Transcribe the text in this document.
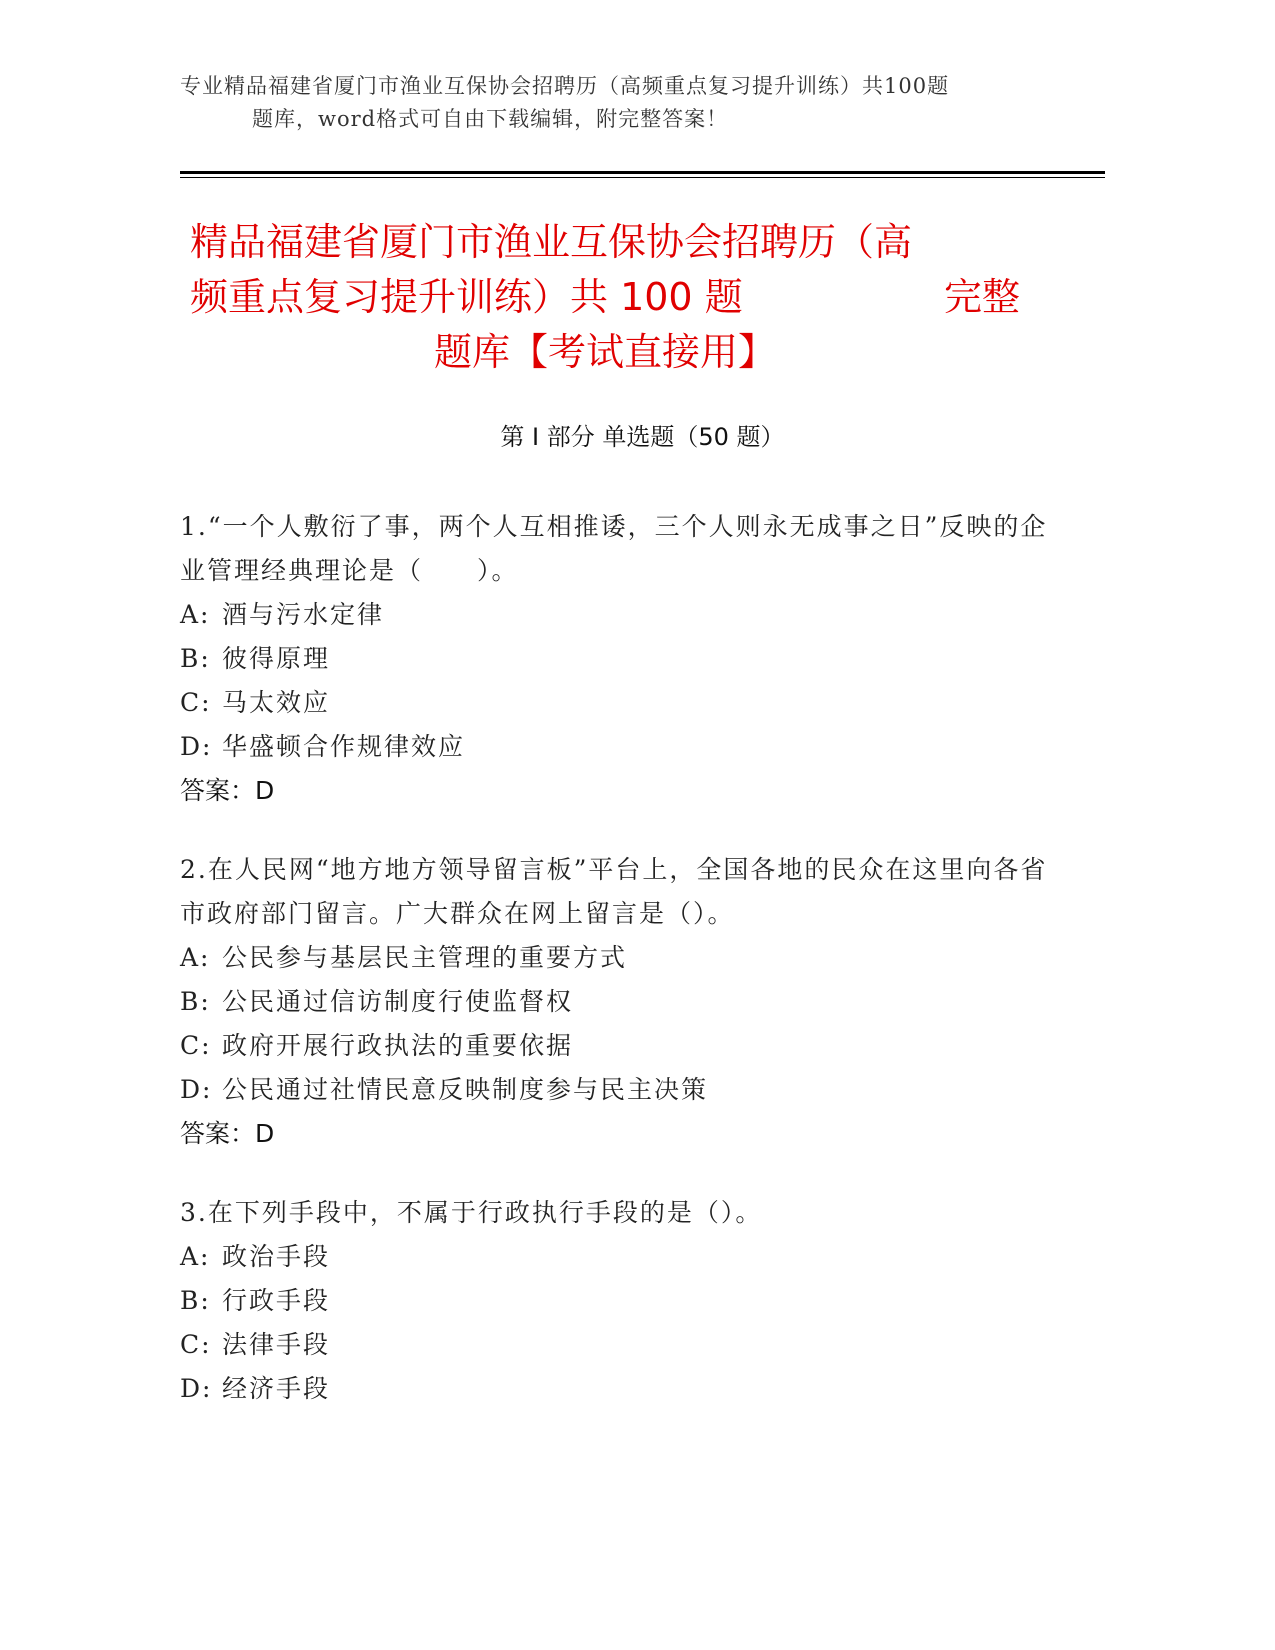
专业精品福建省厦门市渔业互保协会招聘历（高频重点复习提升训练）共100题
题库，word格式可自由下载编辑，附完整答案！
精品福建省厦门市渔业互保协会招聘历（高
频重点复习提升训练）共 100 题	完整
题库【考试直接用】
第 I 部分 单选题（50 题）
1.“一个人敷衍了事，两个人互相推诿，三个人则永无成事之日”反映的企业管理经典理论是（　　）。
A: 酒与污水定律
B: 彼得原理
C: 马太效应
D: 华盛顿合作规律效应
答案：D
2.在人民网“地方地方领导留言板”平台上，全国各地的民众在这里向各省市政府部门留言。广大群众在网上留言是（）。
A: 公民参与基层民主管理的重要方式
B: 公民通过信访制度行使监督权
C: 政府开展行政执法的重要依据
D: 公民通过社情民意反映制度参与民主决策
答案：D
3.在下列手段中，不属于行政执行手段的是（）。
A: 政治手段
B: 行政手段
C: 法律手段
D: 经济手段
